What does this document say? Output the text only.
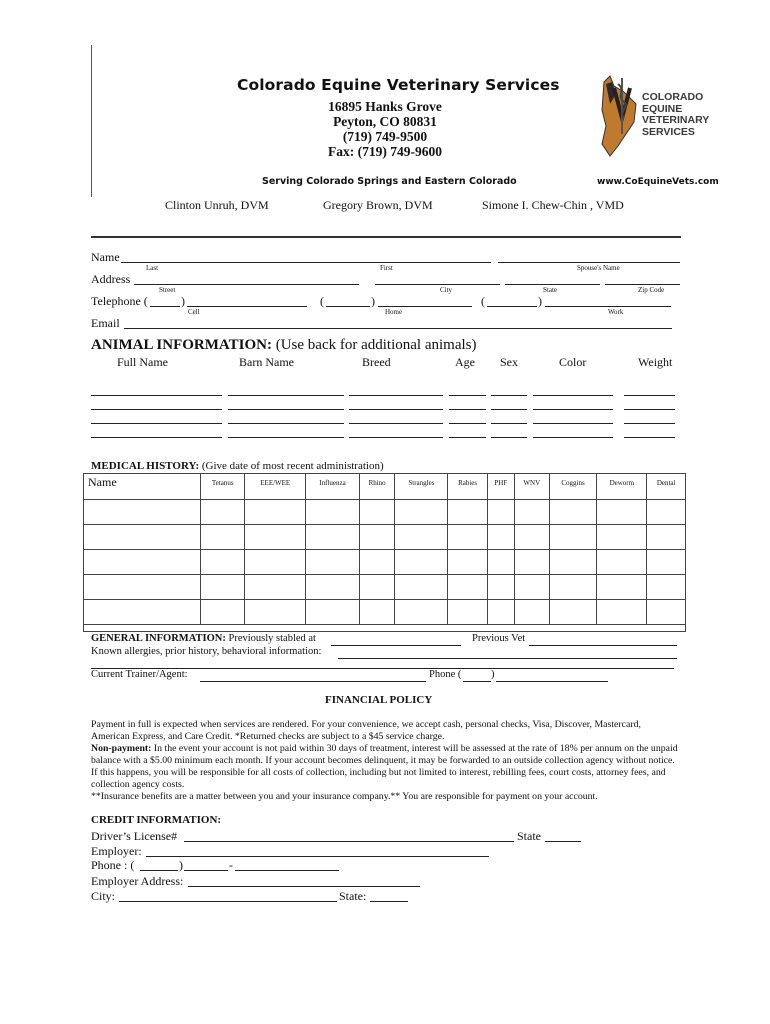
Colorado Equine Veterinary Services
16895 Hanks Grove
Peyton, CO 80831
(719) 749-9500
Fax: (719) 749-9600
COLORADO
EQUINE
VETERINARY
SERVICES
Serving Colorado Springs and Eastern Colorado	www.CoEquineVets.com
Clinton Unruh, DVM	Gregory Brown, DVM	Simone I. Chew-Chin , VMD
Name
Last	First	Spouse's Name
Address
Street	City	State	Zip Code
Telephone (	)	(	)	(	)
Cell	Home	Work
Email
ANIMAL INFORMATION: (Use back for additional animals)
Full Name	Barn Name	Breed	Age Sex	Color	Weight
MEDICAL HISTORY: (Give date of most recent administration)
Name	Tetanus	EEE/WEE	Influenza	Rhino	Strangles	Rabies	PHF	WNV	Coggins	Deworm	Dental

GENERAL INFORMATION: Previously stabled at	Previous Vet
Known allergies, prior history, behavioral information:
Current Trainer/Agent:	Phone (	)
FINANCIAL POLICY
Payment in full is expected when services are rendered. For your convenience, we accept cash, personal checks, Visa, Discover, Mastercard, American Express, and Care Credit. *Returned checks are subject to a $45 service charge.
Non-payment: In the event your account is not paid within 30 days of treatment, interest will be assessed at the rate of 18% per annum on the unpaid balance with a $5.00 minimum each month. If your account becomes delinquent, it may be forwarded to an outside collection agency without notice. If this happens, you will be responsible for all costs of collection, including but not limited to interest, rebilling fees, court costs, attorney fees, and collection agency costs.
**Insurance benefits are a matter between you and your insurance company.** You are responsible for payment on your account.
CREDIT INFORMATION:
Driver’s License#	State
Employer:
Phone : (	)	-
Employer Address:
City:	State:
